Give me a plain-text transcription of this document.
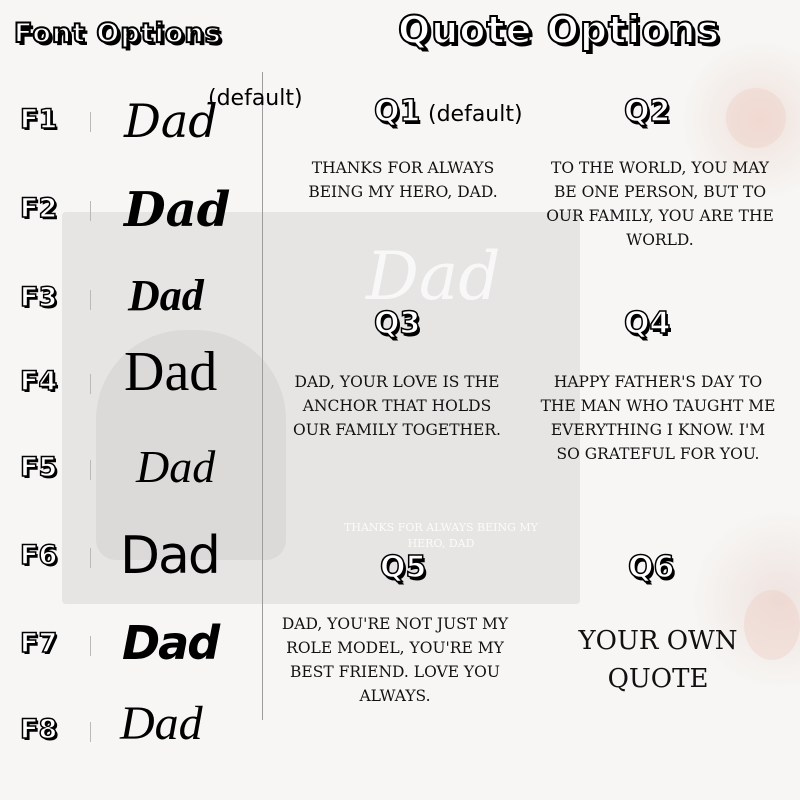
Dad
THANKS FOR ALWAYS BEING MY HERO, DAD
Font Options	Quote Options
F1 Dad
(default)
F2 Dad
F3 Dad
F4 Dad
F5 Dad
F6 Dad
F7 Dad
F8 Dad
Q1 (default)
THANKS FOR ALWAYS BEING MY HERO, DAD.
Q2
TO THE WORLD, YOU MAY BE ONE PERSON, BUT TO OUR FAMILY, YOU ARE THE WORLD.
Q3
DAD, YOUR LOVE IS THE ANCHOR THAT HOLDS OUR FAMILY TOGETHER.
Q4
HAPPY FATHER'S DAY TO THE MAN WHO TAUGHT ME EVERYTHING I KNOW. I'M SO GRATEFUL FOR YOU.
Q5
DAD, YOU'RE NOT JUST MY ROLE MODEL, YOU'RE MY BEST FRIEND. LOVE YOU ALWAYS.
Q6
YOUR OWN QUOTE
